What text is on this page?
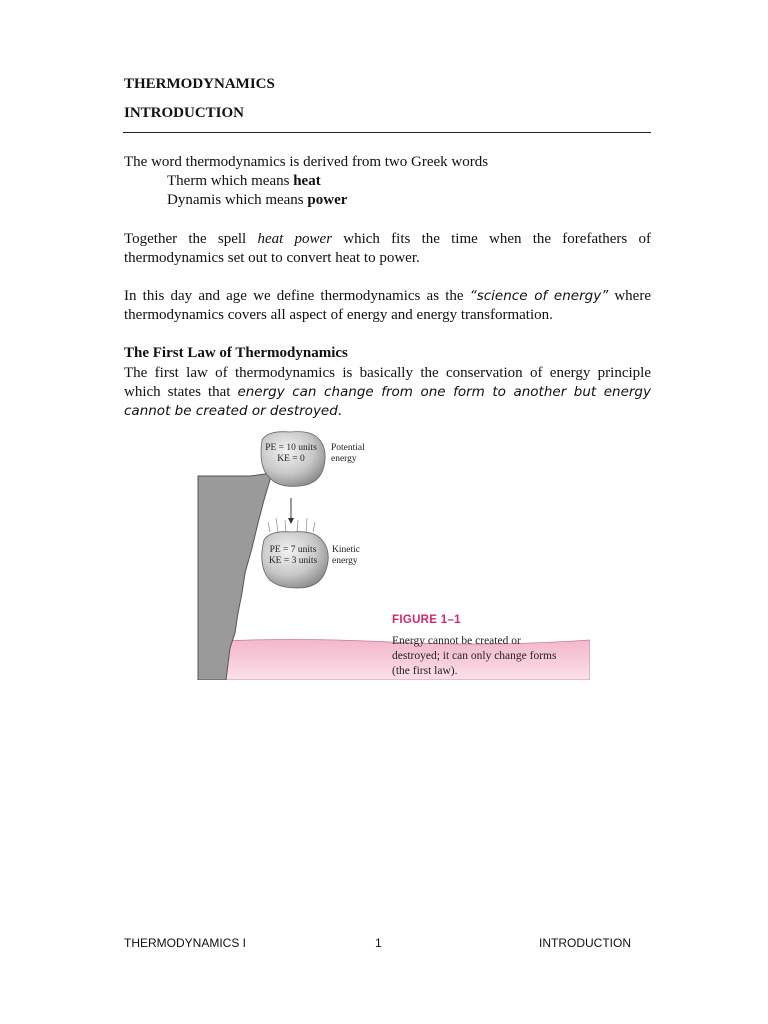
THERMODYNAMICS
INTRODUCTION
The word thermodynamics is derived from two Greek words
Therm which means heat
Dynamis which means power
Together the spell heat power which fits the time when the forefathers of thermodynamics set out to convert heat to power.
In this day and age we define thermodynamics as the “science of energy” where thermodynamics covers all aspect of energy and energy transformation.
The First Law of Thermodynamics
The first law of thermodynamics is basically the conservation of energy principle which states that energy can change from one form to another but energy cannot be created or destroyed.
PE = 10 units
KE = 0
Potential
energy
PE = 7 units
KE = 3 units
Kinetic
energy
FIGURE 1–1
Energy cannot be created or
destroyed; it can only change forms
(the first law).
THERMODYNAMICS I	1	INTRODUCTION
